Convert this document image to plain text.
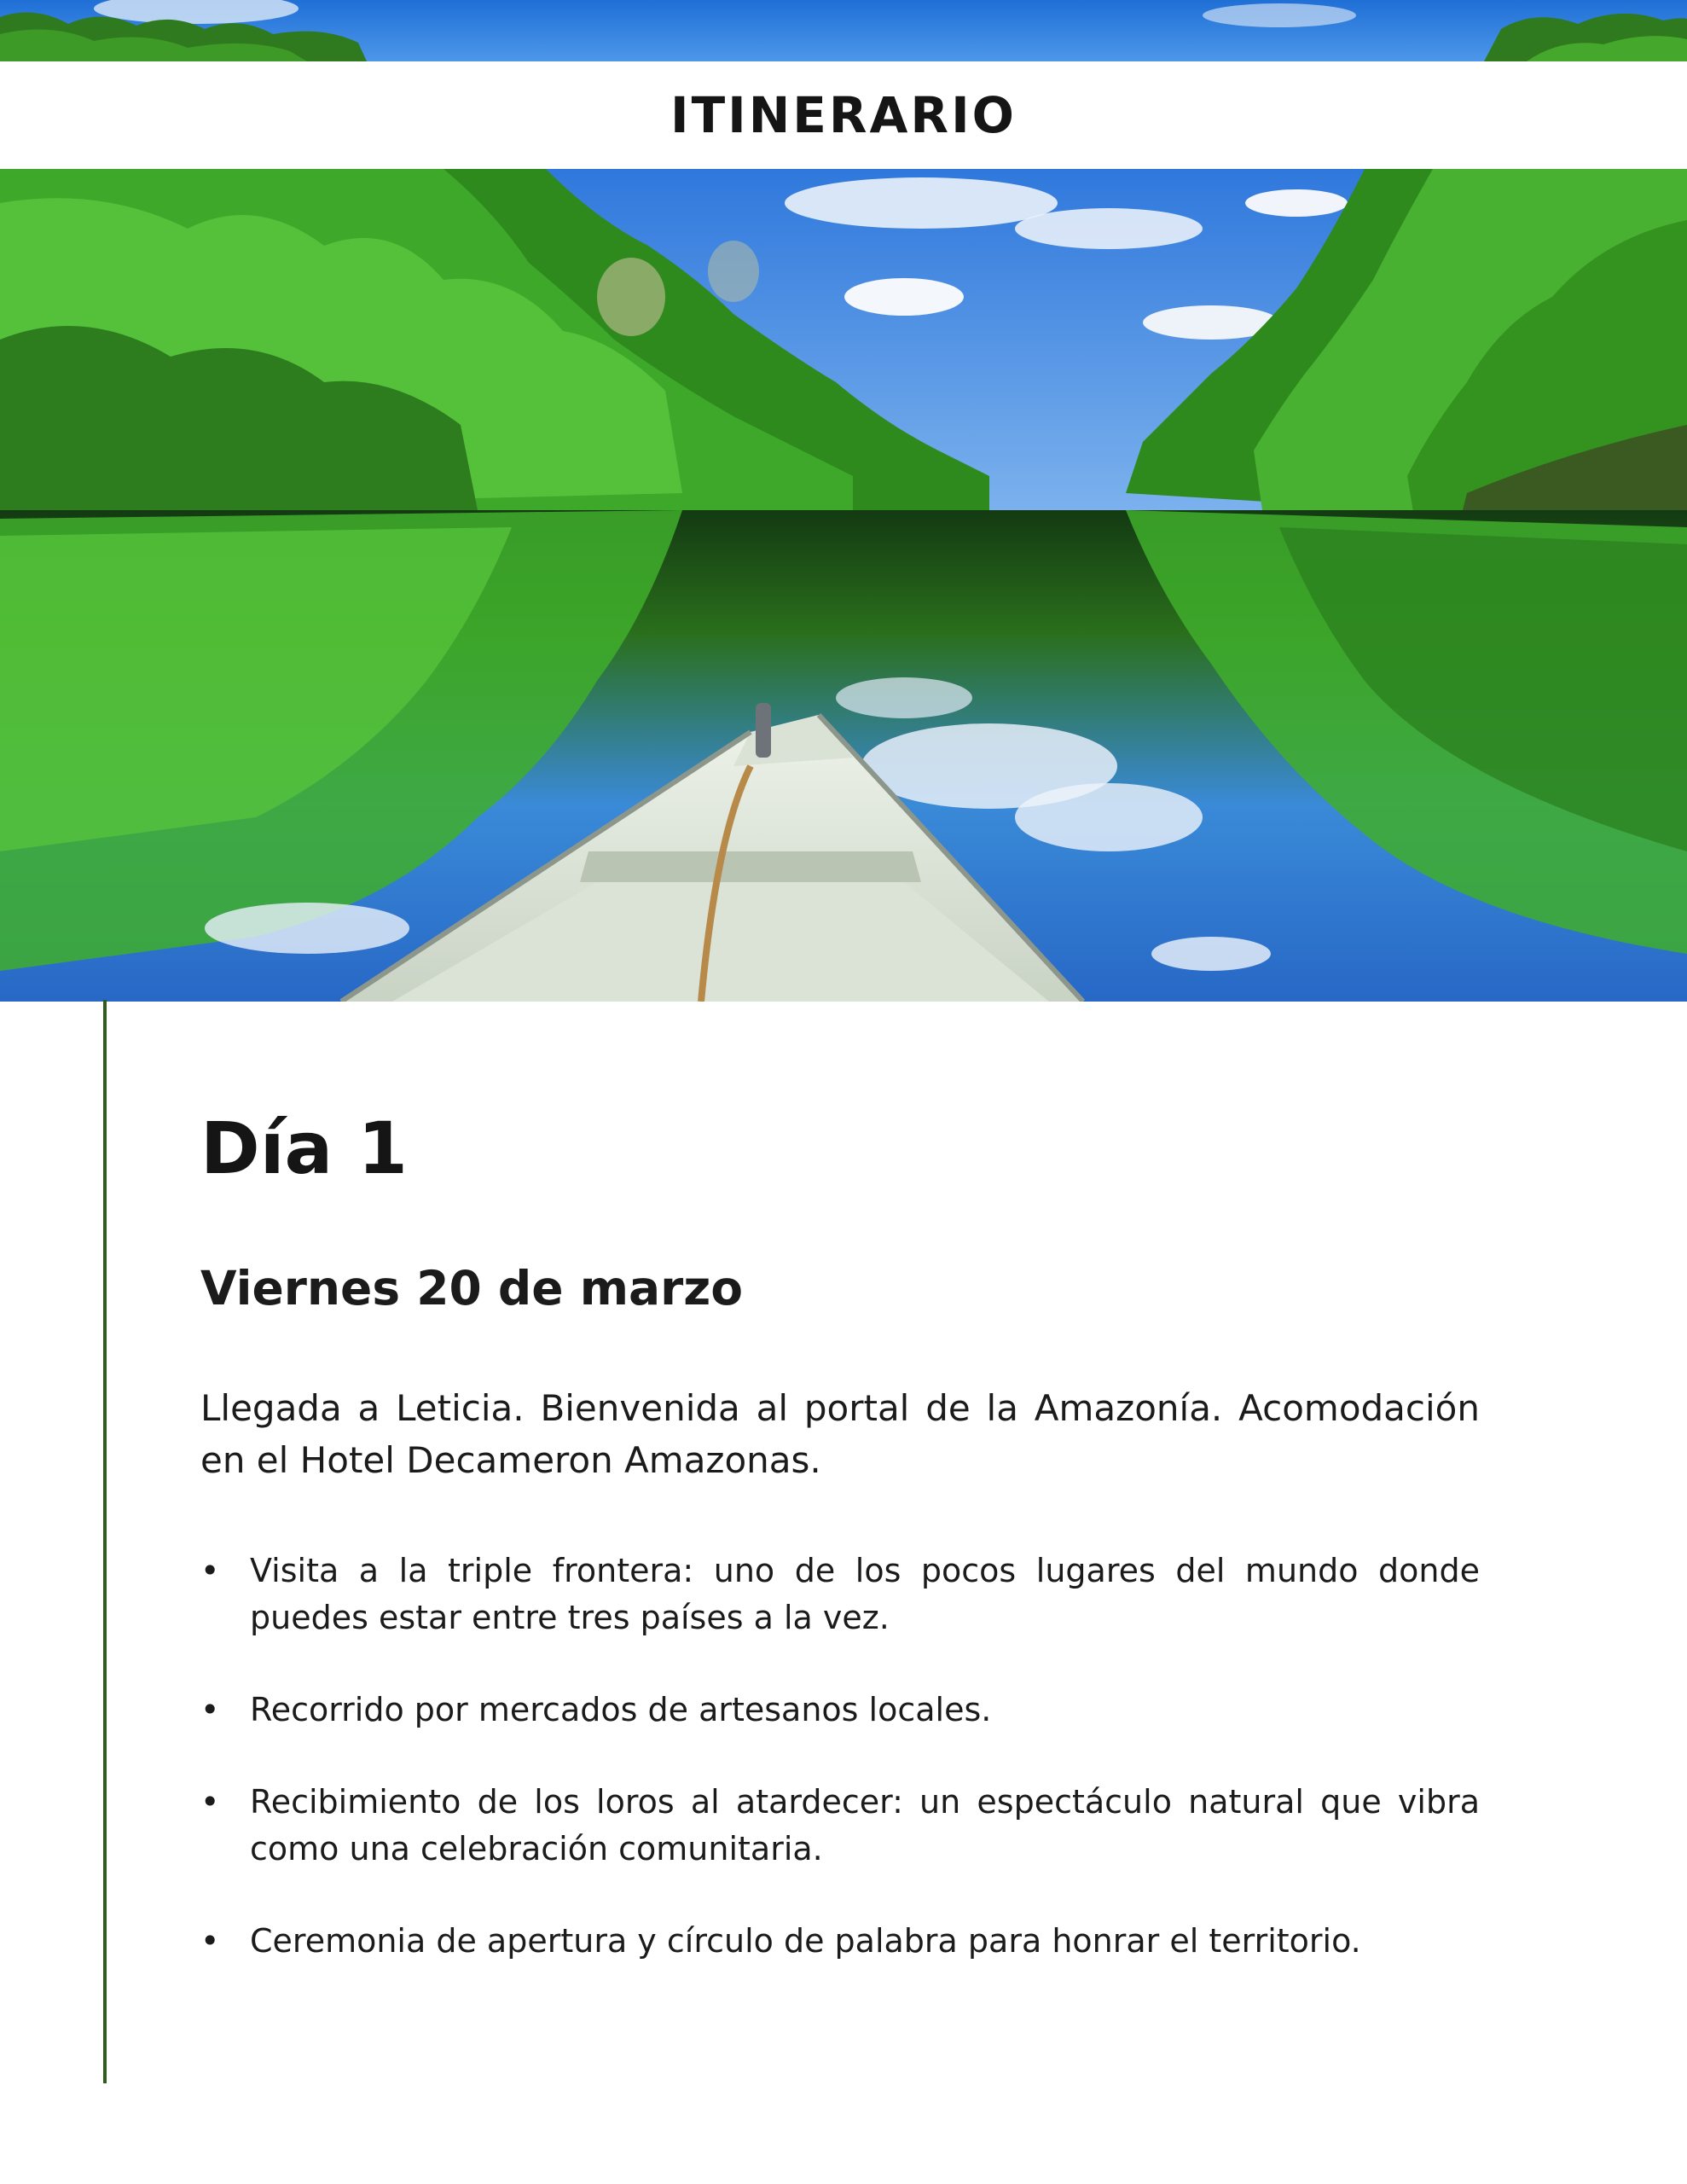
ITINERARIO
Día 1
Viernes 20 de marzo

Llegada a Leticia. Bienvenida al portal de la Amazonía. Acomodación en el Hotel Decameron Amazonas.

• Visita a la triple frontera: uno de los pocos lugares del mundo donde puedes estar entre tres países a la vez.
• Recorrido por mercados de artesanos locales.
• Recibimiento de los loros al atardecer: un espectáculo natural que vibra como una celebración comunitaria.
• Ceremonia de apertura y círculo de palabra para honrar el territorio.
